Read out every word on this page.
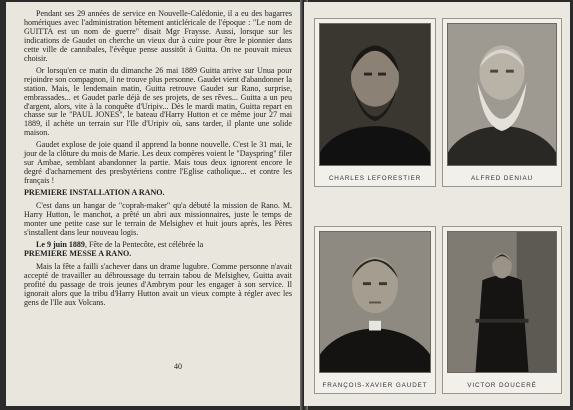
Pendant ses 29 années de service en Nouvelle-Calédonie, il a eu des bagarres homériques avec l'administration bêtement anticléricale de l'époque : "Le nom de GUITTA est un nom de guerre" disait Mgr Fraysse. Aussi, lorsque sur les indications de Gaudet on cherche un vieux dur à cuire pour être le pionnier dans cette ville de cannibales, l'évêque pense aussitôt à Guitta. On ne pouvait mieux choisir.

Or lorsqu'en ce matin du dimanche 26 mai 1889 Guitta arrive sur Unua pour rejoindre son compagnon, il ne trouve plus personne. Gaudet vient d'abandonner la station. Mais, le lendemain matin, Guitta retrouve Gaudet sur Rano, surprise, embrassades... et Gaudet parle déjà de ses projets, de ses rêves... Guitta a un peu d'argent, alors, vite à la conquête d'Uripiv... Dès le mardi matin, Guitta repart en chasse sur le "PAUL JONES", le bateau d'Harry Hutton et ce même jour 27 mai 1889, il achète un terrain sur l'Ile d'Uripiv où, sans tarder, il plante une solide maison.

Gaudet explose de joie quand il apprend la bonne nouvelle. C'est le 31 mai, le jour de la clôture du mois de Marie. Les deux compères voient le "Dayspring" filer sur Ambae, semblant abandonner la partie. Mais tous deux ignorent encore le degré d'acharnement des presbytériens contre l'Eglise catholique... et contre les français !

PREMIERE INSTALLATION A RANO.

C'est dans un hangar de "coprah-maker" qu'a débuté la mission de Rano. M. Harry Hutton, le manchot, a prêté un abri aux missionnaires, juste le temps de monter une petite case sur le terrain de Melsighev et huit jours après, les Pères s'installent dans leur nouveau logis.

Le 9 juin 1889, Fête de la Pentecôte, est célébrée la

PREMIERE MESSE A RANO.

Mais la fête a failli s'achever dans un drame lugubre. Comme personne n'avait accepté de travailler au débroussage du terrain tabou de Melsighev, Guitta avait profité du passage de trois jeunes d'Ambrym pour les engager à son service. Il ignorait alors que la tribu d'Harry Hutton avait un vieux compte à régler avec les gens de l'Ile aux Volcans.

40
CHARLES LEFORESTIER	ALFRED DENIAU
FRANÇOIS-XAVIER GAUDET	VICTOR DOUCERÉ
